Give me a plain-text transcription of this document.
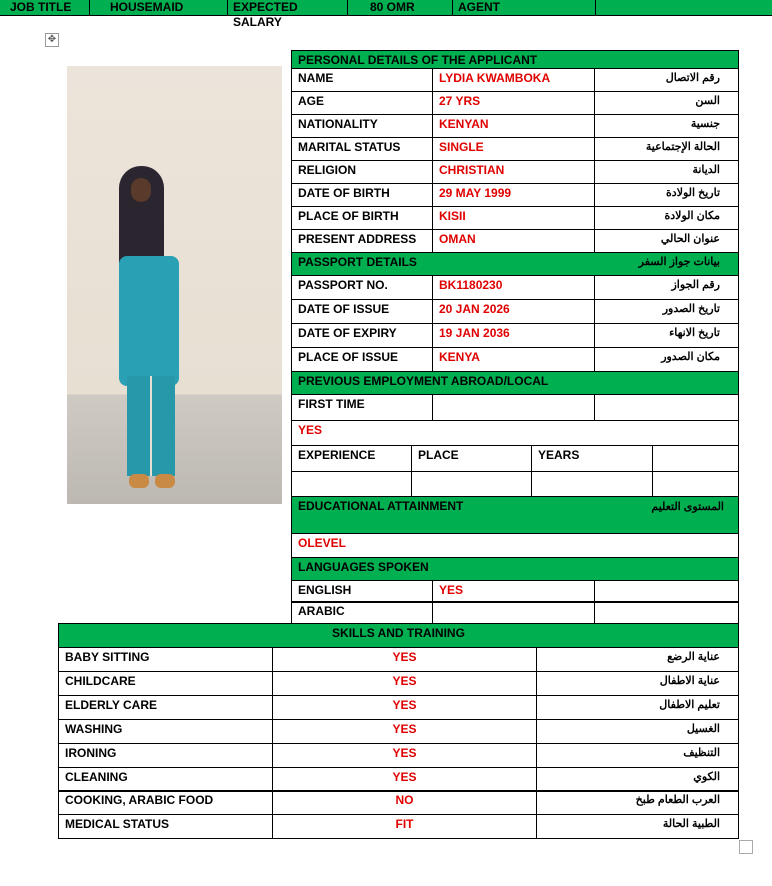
JOB TITLE	HOUSEMAID	EXPECTED SALARY
80 OMR	AGENT
✥
PERSONAL DETAILS OF THE APPLICANT
NAME	LYDIA KWAMBOKA	رقم الاتصال
AGE	27 YRS	السن
NATIONALITY	KENYAN	جنسية
MARITAL STATUS	SINGLE	الحالة الإجتماعية
RELIGION	CHRISTIAN	الديانة
DATE OF BIRTH	29 MAY 1999	تاريخ الولادة
PLACE OF BIRTH	KISII	مكان الولادة
PRESENT ADDRESS	OMAN	عنوان الحالي
PASSPORT DETAILS	بيانات جواز السفر
PASSPORT NO.	BK1180230	رقم الجواز
DATE OF ISSUE	20 JAN 2026	تاريخ الصدور
DATE OF EXPIRY	19 JAN 2036	تاريخ الانهاء
PLACE OF ISSUE	KENYA	مكان الصدور
PREVIOUS EMPLOYMENT ABROAD/LOCAL
FIRST TIME
YES
EXPERIENCE	PLACE	YEARS
EDUCATIONAL ATTAINMENT	المستوى التعليم
OLEVEL
LANGUAGES SPOKEN
ENGLISH	YES
ARABIC
SKILLS AND TRAINING
BABY SITTING	YES	عناية الرضع
CHILDCARE	YES	عناية الاطفال
ELDERLY CARE	YES	تعليم الاطفال
WASHING	YES	الغسيل
IRONING	YES	التنظيف
CLEANING	YES	الكوي
COOKING, ARABIC FOOD	NO	العرب الطعام طبخ
MEDICAL STATUS	FIT	الطبية الحالة
